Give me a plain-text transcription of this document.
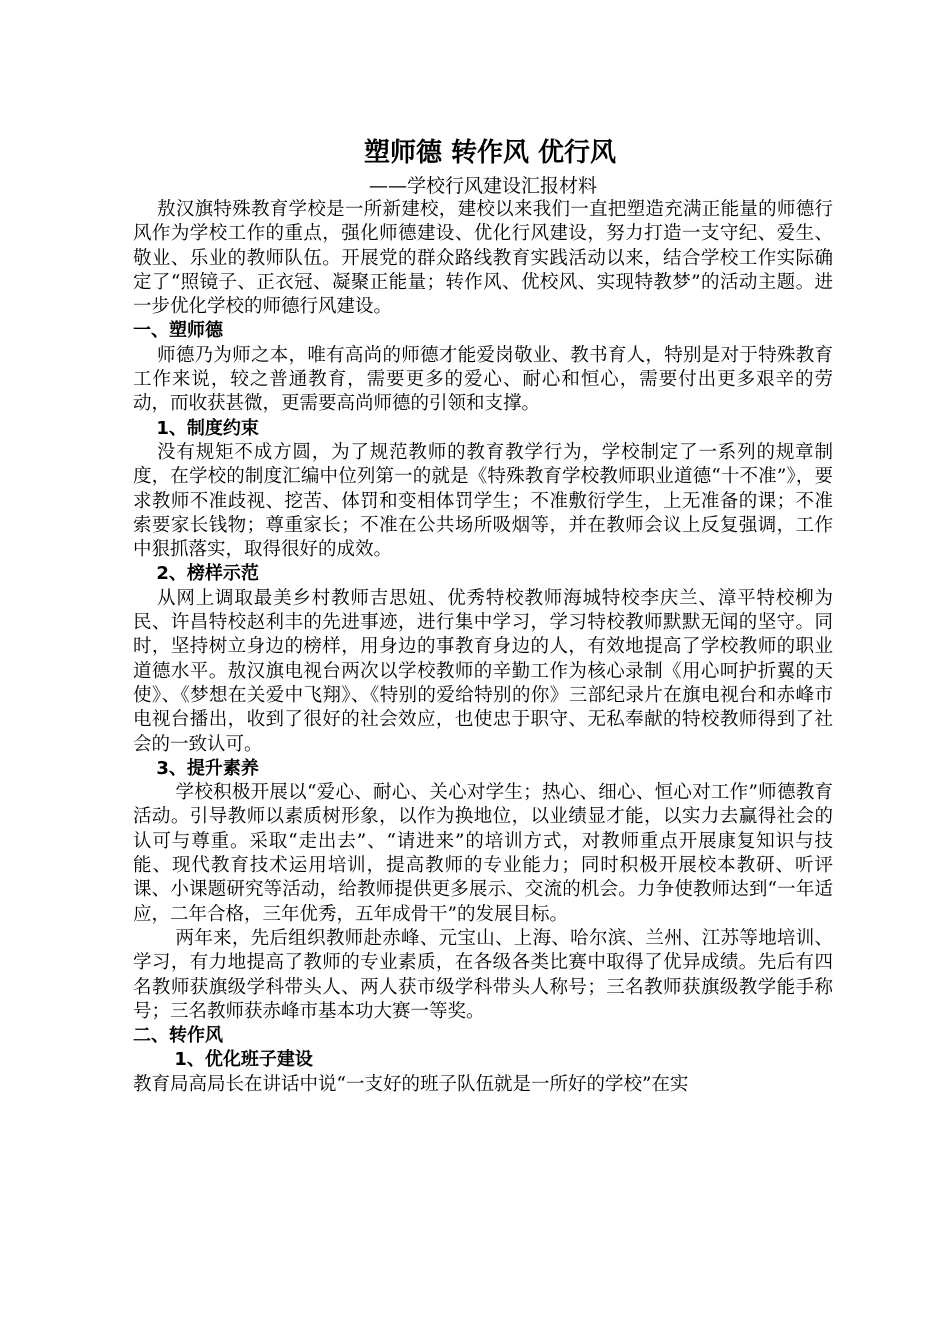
塑师德 转作风 优行风
——学校行风建设汇报材料

敖汉旗特殊教育学校是一所新建校，建校以来我们一直把塑造充满正能量的师德行风作为学校工作的重点，强化师德建设、优化行风建设，努力打造一支守纪、爱生、敬业、乐业的教师队伍。开展党的群众路线教育实践活动以来，结合学校工作实际确定了“照镜子、正衣冠、凝聚正能量；转作风、优校风、实现特教梦”的活动主题。进一步优化学校的师德行风建设。

一、塑师德

师德乃为师之本，唯有高尚的师德才能爱岗敬业、教书育人，特别是对于特殊教育工作来说，较之普通教育，需要更多的爱心、耐心和恒心，需要付出更多艰辛的劳动，而收获甚微，更需要高尚师德的引领和支撑。

1、制度约束

没有规矩不成方圆，为了规范教师的教育教学行为，学校制定了一系列的规章制度，在学校的制度汇编中位列第一的就是《特殊教育学校教师职业道德“十不准”》，要求教师不准歧视、挖苦、体罚和变相体罚学生；不准敷衍学生，上无准备的课；不准索要家长钱物；尊重家长；不准在公共场所吸烟等，并在教师会议上反复强调，工作中狠抓落实，取得很好的成效。

2、榜样示范

从网上调取最美乡村教师吉思妞、优秀特校教师海城特校李庆兰、漳平特校柳为民、许昌特校赵利丰的先进事迹，进行集中学习，学习特校教师默默无闻的坚守。同时，坚持树立身边的榜样，用身边的事教育身边的人，有效地提高了学校教师的职业道德水平。敖汉旗电视台两次以学校教师的辛勤工作为核心录制《用心呵护折翼的天使》、《梦想在关爱中飞翔》、《特别的爱给特别的你》三部纪录片在旗电视台和赤峰市电视台播出，收到了很好的社会效应，也使忠于职守、无私奉献的特校教师得到了社会的一致认可。

3、提升素养

学校积极开展以“爱心、耐心、关心对学生；热心、细心、恒心对工作”师德教育活动。引导教师以素质树形象，以作为换地位，以业绩显才能，以实力去赢得社会的认可与尊重。采取“走出去”、“请进来”的培训方式，对教师重点开展康复知识与技能、现代教育技术运用培训，提高教师的专业能力；同时积极开展校本教研、听评课、小课题研究等活动，给教师提供更多展示、交流的机会。力争使教师达到“一年适应，二年合格，三年优秀，五年成骨干”的发展目标。

两年来，先后组织教师赴赤峰、元宝山、上海、哈尔滨、兰州、江苏等地培训、学习，有力地提高了教师的专业素质，在各级各类比赛中取得了优异成绩。先后有四名教师获旗级学科带头人、两人获市级学科带头人称号；三名教师获旗级教学能手称号；三名教师获赤峰市基本功大赛一等奖。

二、转作风
1、优化班子建设

教育局高局长在讲话中说“一支好的班子队伍就是一所好的学校”在实
